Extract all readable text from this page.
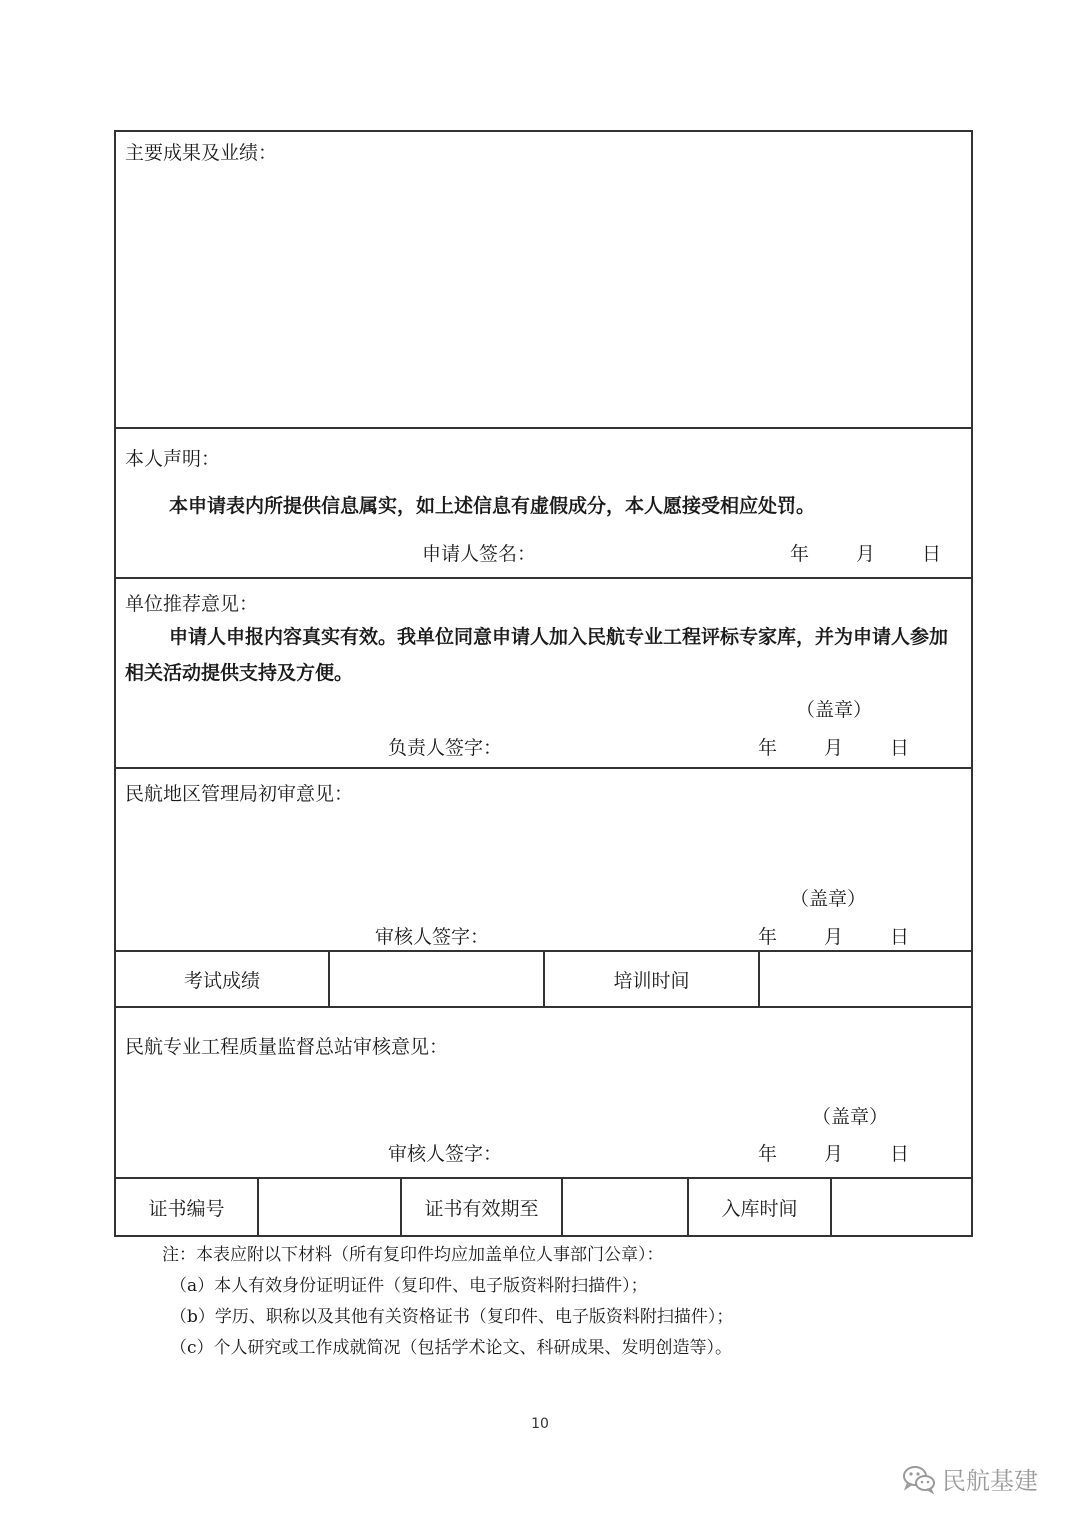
主要成果及业绩：
本人声明：
本申请表内所提供信息属实，如上述信息有虚假成分，本人愿接受相应处罚。
申请人签名：	年 月 日
单位推荐意见：
申请人申报内容真实有效。我单位同意申请人加入民航专业工程评标专家库，并为申请人参加相关活动提供支持及方便。
（盖章）
负责人签字：	年 月 日
民航地区管理局初审意见：
（盖章）
审核人签字：	年 月 日
考试成绩	培训时间
民航专业工程质量监督总站审核意见：
（盖章）
审核人签字：	年 月 日
证书编号	证书有效期至	入库时间
注：本表应附以下材料（所有复印件均应加盖单位人事部门公章）：
（a）本人有效身份证明证件（复印件、电子版资料附扫描件）；
（b）学历、职称以及其他有关资格证书（复印件、电子版资料附扫描件）；
（c）个人研究或工作成就简况（包括学术论文、科研成果、发明创造等）。
10
民航基建
